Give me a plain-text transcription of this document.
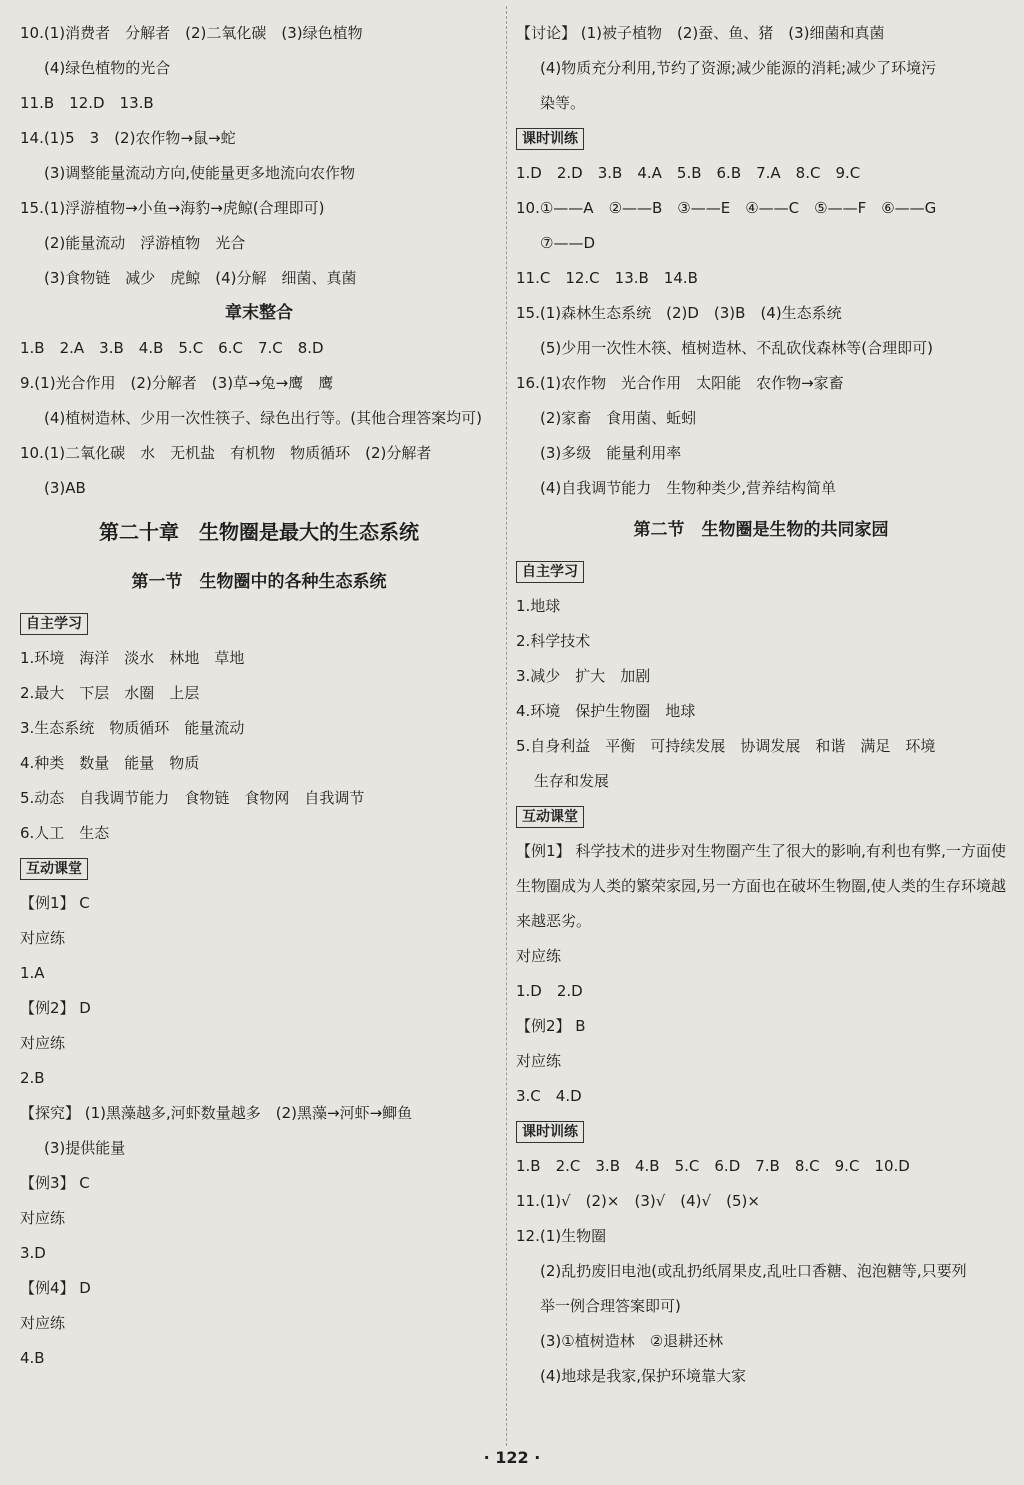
10.(1)消费者　分解者　(2)二氧化碳　(3)绿色植物
(4)绿色植物的光合
11.B　12.D　13.B
14.(1)5　3　(2)农作物→鼠→蛇
(3)调整能量流动方向,使能量更多地流向农作物
15.(1)浮游植物→小鱼→海豹→虎鲸(合理即可)
(2)能量流动　浮游植物　光合
(3)食物链　减少　虎鲸　(4)分解　细菌、真菌
章末整合
1.B　2.A　3.B　4.B　5.C　6.C　7.C　8.D
9.(1)光合作用　(2)分解者　(3)草→兔→鹰　鹰
(4)植树造林、少用一次性筷子、绿色出行等。(其他合理答案均可)
10.(1)二氧化碳　水　无机盐　有机物　物质循环　(2)分解者
(3)AB
第二十章　生物圈是最大的生态系统
第一节　生物圈中的各种生态系统
自主学习
1.环境　海洋　淡水　林地　草地
2.最大　下层　水圈　上层
3.生态系统　物质循环　能量流动
4.种类　数量　能量　物质
5.动态　自我调节能力　食物链　食物网　自我调节
6.人工　生态
互动课堂
【例1】 C
对应练
1.A
【例2】 D
对应练
2.B
【探究】 (1)黑藻越多,河虾数量越多　(2)黑藻→河虾→鲫鱼
(3)提供能量
【例3】 C
对应练
3.D
【例4】 D
对应练
4.B
【讨论】 (1)被子植物　(2)蚕、鱼、猪　(3)细菌和真菌
(4)物质充分利用,节约了资源;减少能源的消耗;减少了环境污
染等。
课时训练
1.D　2.D　3.B　4.A　5.B　6.B　7.A　8.C　9.C
10.①——A　②——B　③——E　④——C　⑤——F　⑥——G
⑦——D
11.C　12.C　13.B　14.B
15.(1)森林生态系统　(2)D　(3)B　(4)生态系统
(5)少用一次性木筷、植树造林、不乱砍伐森林等(合理即可)
16.(1)农作物　光合作用　太阳能　农作物→家畜
(2)家畜　食用菌、蚯蚓
(3)多级　能量利用率
(4)自我调节能力　生物种类少,营养结构简单
第二节　生物圈是生物的共同家园
自主学习
1.地球
2.科学技术
3.减少　扩大　加剧
4.环境　保护生物圈　地球
5.自身利益　平衡　可持续发展　协调发展　和谐　满足　环境
生存和发展
互动课堂
【例1】 科学技术的进步对生物圈产生了很大的影响,有利也有弊,一方面使生物圈成为人类的繁荣家园,另一方面也在破坏生物圈,使人类的生存环境越来越恶劣。
对应练
1.D　2.D
【例2】 B
对应练
3.C　4.D
课时训练
1.B　2.C　3.B　4.B　5.C　6.D　7.B　8.C　9.C　10.D
11.(1)√　(2)×　(3)√　(4)√　(5)×
12.(1)生物圈
(2)乱扔废旧电池(或乱扔纸屑果皮,乱吐口香糖、泡泡糖等,只要列
举一例合理答案即可)
(3)①植树造林　②退耕还林
(4)地球是我家,保护环境靠大家
· 122 ·
